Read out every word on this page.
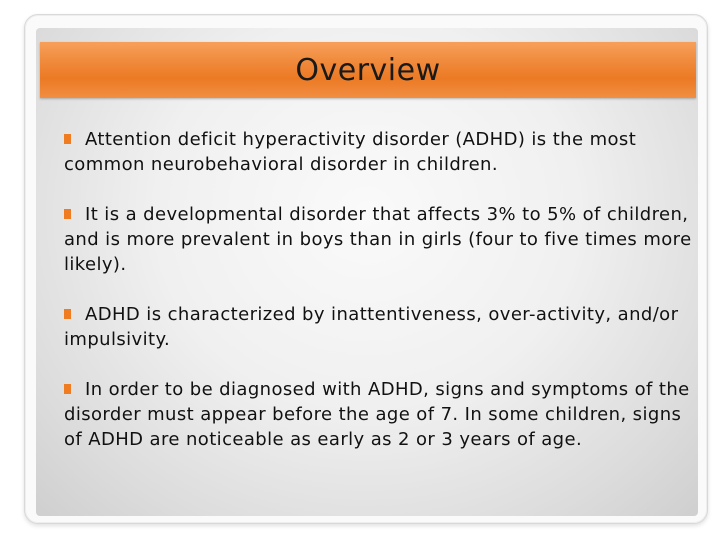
Overview

Attention deficit hyperactivity disorder (ADHD) is the most common neurobehavioral disorder in children.

It is a developmental disorder that affects 3% to 5% of children, and is more prevalent in boys than in girls (four to five times more likely).

ADHD is characterized by inattentiveness, over-activity, and/or impulsivity.

In order to be diagnosed with ADHD, signs and symptoms of the disorder must appear before the age of 7. In some children, signs of ADHD are noticeable as early as 2 or 3 years of age.
